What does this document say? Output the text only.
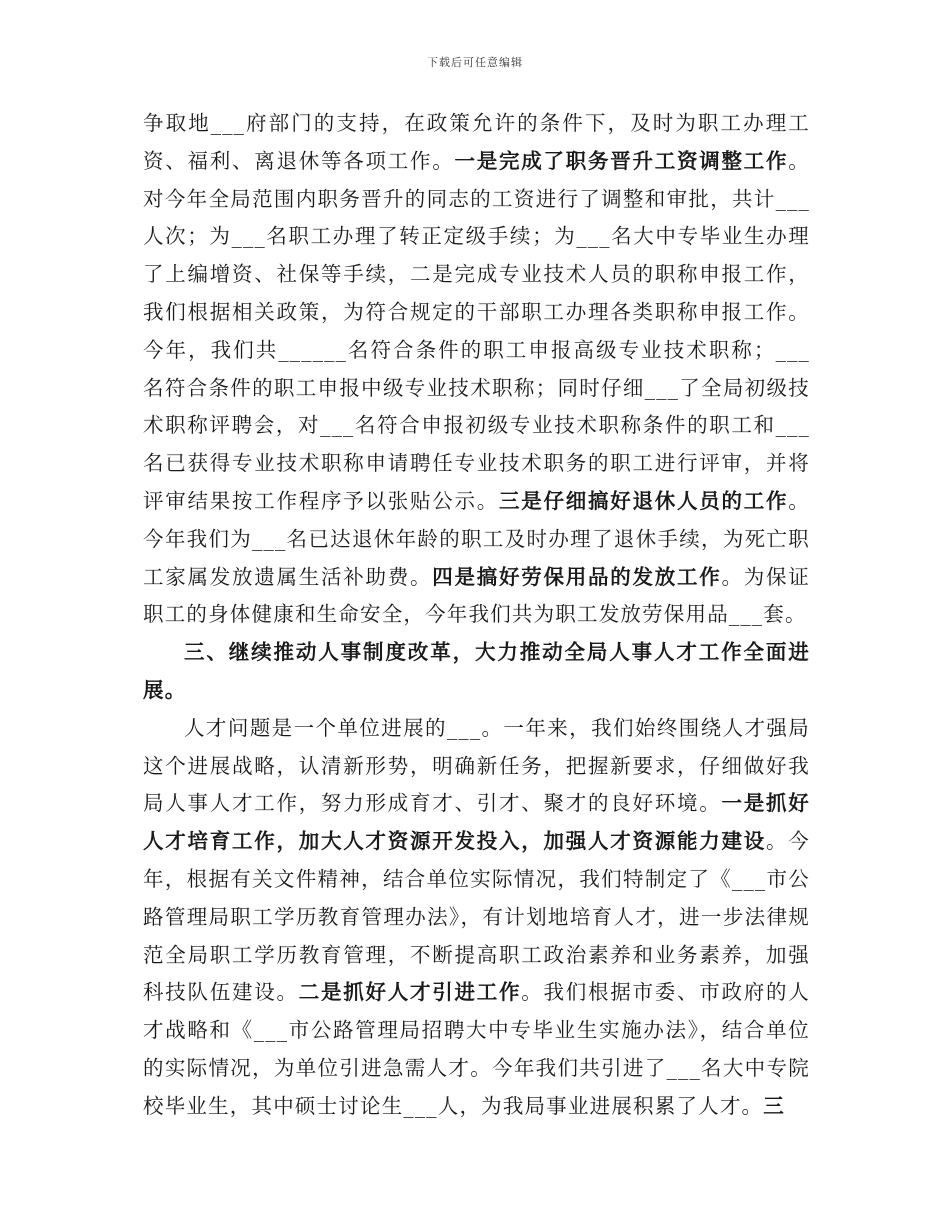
下载后可任意编辑

争取地___府部门的支持，在政策允许的条件下，及时为职工办理工资、福利、离退休等各项工作。一是完成了职务晋升工资调整工作。对今年全局范围内职务晋升的同志的工资进行了调整和审批，共计___人次；为___名职工办理了转正定级手续；为___名大中专毕业生办理了上编增资、社保等手续，二是完成专业技术人员的职称申报工作，我们根据相关政策，为符合规定的干部职工办理各类职称申报工作。今年，我们共______名符合条件的职工申报高级专业技术职称；___名符合条件的职工申报中级专业技术职称；同时仔细___了全局初级技术职称评聘会，对___名符合申报初级专业技术职称条件的职工和___名已获得专业技术职称申请聘任专业技术职务的职工进行评审，并将评审结果按工作程序予以张贴公示。三是仔细搞好退休人员的工作。今年我们为___名已达退休年龄的职工及时办理了退休手续，为死亡职工家属发放遗属生活补助费。四是搞好劳保用品的发放工作。为保证职工的身体健康和生命安全，今年我们共为职工发放劳保用品___套。

三、继续推动人事制度改革，大力推动全局人事人才工作全面进展。

人才问题是一个单位进展的___。一年来，我们始终围绕人才强局这个进展战略，认清新形势，明确新任务，把握新要求，仔细做好我局人事人才工作，努力形成育才、引才、聚才的良好环境。一是抓好人才培育工作，加大人才资源开发投入，加强人才资源能力建设。今年，根据有关文件精神，结合单位实际情况，我们特制定了《___市公路管理局职工学历教育管理办法》，有计划地培育人才，进一步法律规范全局职工学历教育管理，不断提高职工政治素养和业务素养，加强科技队伍建设。二是抓好人才引进工作。我们根据市委、市政府的人才战略和《___市公路管理局招聘大中专毕业生实施办法》，结合单位的实际情况，为单位引进急需人才。今年我们共引进了___名大中专院校毕业生，其中硕士讨论生___人，为我局事业进展积累了人才。三
